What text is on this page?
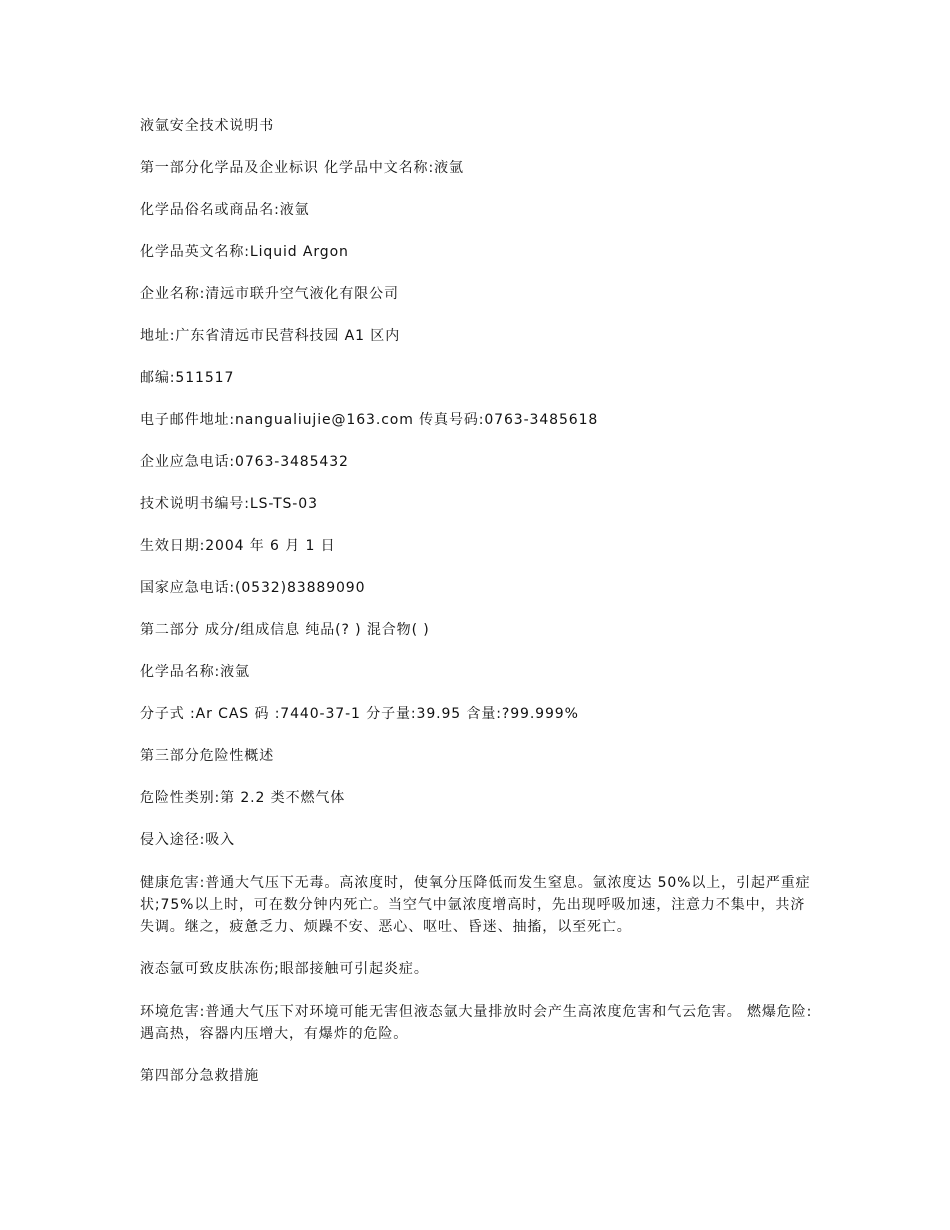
液氩安全技术说明书

第一部分化学品及企业标识 化学品中文名称:液氩

化学品俗名或商品名:液氩

化学品英文名称:Liquid Argon

企业名称:清远市联升空气液化有限公司

地址:广东省清远市民营科技园 A1 区内

邮编:511517

电子邮件地址:nangualiujie@163.com 传真号码:0763-3485618

企业应急电话:0763-3485432

技术说明书编号:LS-TS-03

生效日期:2004 年 6 月 1 日

国家应急电话:(0532)83889090

第二部分 成分/组成信息 纯品(? ) 混合物( )

化学品名称:液氩

分子式 :Ar CAS 码 :7440-37-1 分子量:39.95 含量:?99.999%

第三部分危险性概述

危险性类别:第 2.2 类不燃气体

侵入途径:吸入

健康危害:普通大气压下无毒。高浓度时，使氧分压降低而发生窒息。氩浓度达 50%以上，引起严重症状;75%以上时，可在数分钟内死亡。当空气中氩浓度增高时，先出现呼吸加速，注意力不集中，共济失调。继之，疲惫乏力、烦躁不安、恶心、呕吐、昏迷、抽搐，以至死亡。

液态氩可致皮肤冻伤;眼部接触可引起炎症。

环境危害:普通大气压下对环境可能无害但液态氩大量排放时会产生高浓度危害和气云危害。 燃爆危险:遇高热，容器内压增大，有爆炸的危险。

第四部分急救措施
